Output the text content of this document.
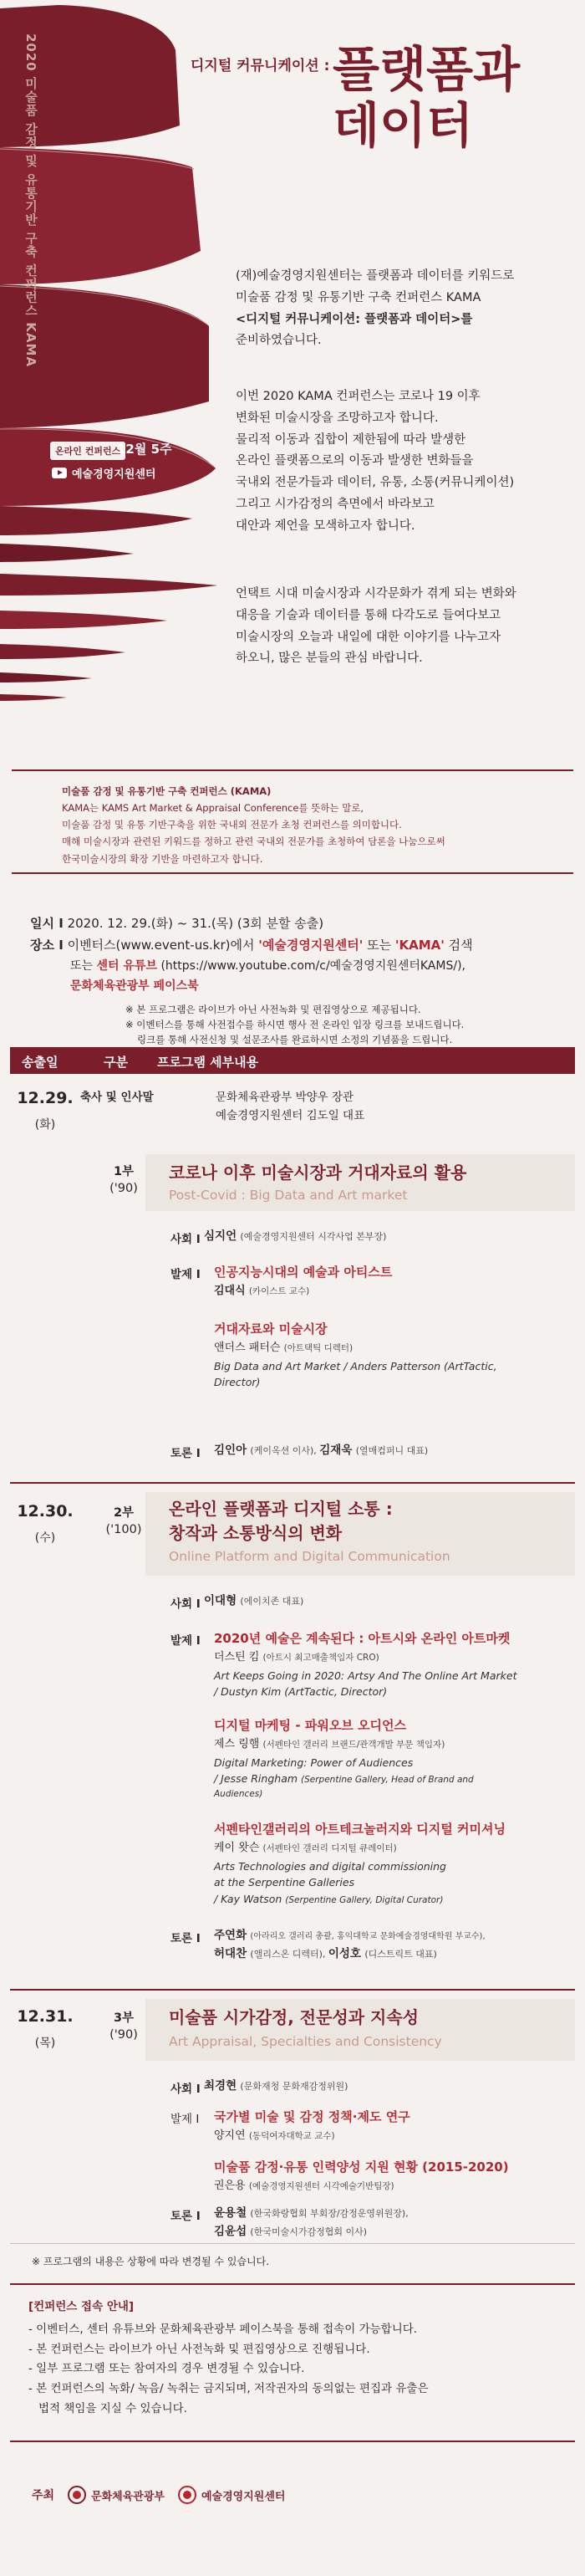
2020 미술품 감정 및 유통기반 구축 컨퍼런스 KAMA
온라인 컨퍼런스
12월 5주
예술경영지원센터
디지털 커뮤니케이션 : 플랫폼과
데이터
(재)예술경영지원센터는 플랫폼과 데이터를 키워드로
미술품 감정 및 유통기반 구축 컨퍼런스 KAMA
<디지털 커뮤니케이션: 플랫폼과 데이터>를
준비하였습니다.
이번 2020 KAMA 컨퍼런스는 코로나 19 이후
변화된 미술시장을 조망하고자 합니다.
물리적 이동과 집합이 제한됨에 따라 발생한
온라인 플랫폼으로의 이동과 발생한 변화들을
국내외 전문가들과 데이터, 유통, 소통(커뮤니케이션)
그리고 시가감정의 측면에서 바라보고
대안과 제언을 모색하고자 합니다.
언택트 시대 미술시장과 시각문화가 겪게 되는 변화와
대응을 기술과 데이터를 통해 다각도로 들여다보고
미술시장의 오늘과 내일에 대한 이야기를 나누고자
하오니, 많은 분들의 관심 바랍니다.
미술품 감정 및 유통기반 구축 컨퍼런스 (KAMA)
KAMA는 KAMS Art Market & Appraisal Conference를 뜻하는 말로,
미술품 감정 및 유통 기반구축을 위한 국내외 전문가 초청 컨퍼런스를 의미합니다.
매해 미술시장과 관련된 키워드를 정하고 관련 국내외 전문가를 초청하여 담론을 나눔으로써
한국미술시장의 확장 기반을 마련하고자 합니다.
일시 I 2020. 12. 29.(화) ~ 31.(목) (3회 분할 송출)
장소 I 이벤터스(www.event-us.kr)에서 '예술경영지원센터' 또는 'KAMA' 검색
또는 센터 유튜브 (https://www.youtube.com/c/예술경영지원센터KAMS/),
문화체육관광부 페이스북
※ 본 프로그램은 라이브가 아닌 사전녹화 및 편집영상으로 제공됩니다.
※ 이벤터스를 통해 사전접수를 하시면 행사 전 온라인 입장 링크를 보내드립니다.
링크를 통해 사전신청 및 설문조사를 완료하시면 소정의 기념품을 드립니다.
송출일	구분 프로그램 세부내용
12.29.
(화)
축사 및 인사말	문화체육관광부 박양우 장관
예술경영지원센터 김도일 대표
1부
('90)
코로나 이후 미술시장과 거대자료의 활용
Post-Covid : Big Data and Art market
사회 I 심지언 (예술경영지원센터 시각사업 본부장)
발제 I 인공지능시대의 예술과 아티스트
김대식 (카이스트 교수)
거대자료와 미술시장
앤더스 패터슨 (아트택틱 디렉터)
Big Data and Art Market / Anders Patterson (ArtTactic,
Director)
토론 I 김인아 (케이옥션 이사), 김재욱 (열매컴퍼니 대표)
12.30.
(수)
2부
('100)
온라인 플랫폼과 디지털 소통 :
창작과 소통방식의 변화
Online Platform and Digital Communication
사회 I 이대형 (에이치존 대표)
발제 I 2020년 예술은 계속된다 : 아트시와 온라인 아트마켓
더스틴 킴 (아트시 최고매출책임자 CRO)
Art Keeps Going in 2020: Artsy And The Online Art Market
/ Dustyn Kim (ArtTactic, Director)
디지털 마케팅 - 파워오브 오디언스
제스 링햄 (서펜타인 갤러리 브랜드/관객개발 부문 책임자)
Digital Marketing: Power of Audiences
/ Jesse Ringham (Serpentine Gallery, Head of Brand and
Audiences)
서펜타인갤러리의 아트테크놀러지와 디지털 커미셔닝
케이 왓슨 (서펜타인 갤러리 디지털 큐레이터)
Arts Technologies and digital commissioning
at the Serpentine Galleries
/ Kay Watson (Serpentine Gallery, Digital Curator)
토론 I 주연화 (아라리오 갤러리 총괄, 홍익대학교 문화예술경영대학원 부교수),
허대찬 (앨리스온 디렉터), 이성호 (디스트릭트 대표)
12.31.
(목)
3부
('90)
미술품 시가감정, 전문성과 지속성
Art Appraisal, Specialties and Consistency
사회 I 최경현 (문화재청 문화재감정위원)
발제 I 국가별 미술 및 감정 정책·제도 연구
양지연 (동덕여자대학교 교수)
미술품 감정·유통 인력양성 지원 현황 (2015-2020)
권은용 (예술경영지원센터 시각예술기반팀장)
토론 I 윤용철 (한국화랑협회 부회장/감정운영위원장),
김윤섭 (한국미술시가감정협회 이사)
※ 프로그램의 내용은 상황에 따라 변경될 수 있습니다.
[컨퍼런스 접속 안내]
- 이벤터스, 센터 유튜브와 문화체육관광부 페이스북을 통해 접속이 가능합니다.
- 본 컨퍼런스는 라이브가 아닌 사전녹화 및 편집영상으로 진행됩니다.
- 일부 프로그램 또는 참여자의 경우 변경될 수 있습니다.
- 본 컨퍼런스의 녹화/ 녹음/ 녹취는 금지되며, 저작권자의 동의없는 편집과 유출은
법적 책임을 지실 수 있습니다.
주최	문화체육관광부	예술경영지원센터
